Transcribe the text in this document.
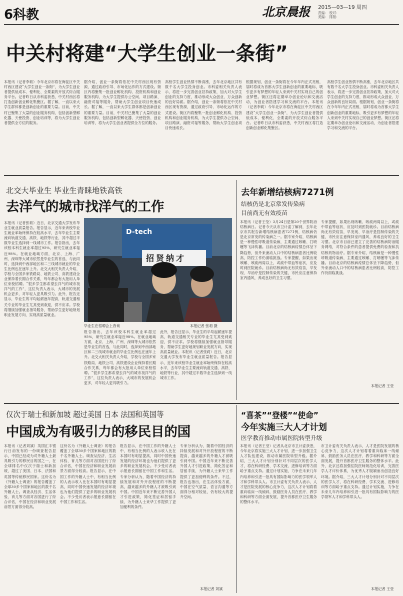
6科教	北京晨报 2015—03—19 周四
责编： 校对：
美编： 排版：
中关村将建“大学生创业一条街”
本报讯（记者李莉）今年北京市将在海淀区中关村西区建设“大学生创业一条街”，为大学生创业者提供低成本、便利化、全要素的开放式综合服务平台。记者昨日从市科委获悉，中关村西区将打造创新创业孵化集聚区。据了解，一直以来大学生群体都是创新创业的重要力量。目前，中关村已聚集了大量的创业服务机构，包括创新型孵化器、天使投资、创业培训等，将为大学生创业者提供全方位的服务。
据介绍，创业一条街将依托中关村西区现有资源，通过政府引导、市场化运作的方式建设。街区内将聚集一批创业孵化机构、投资机构和创业服务机构，为大学生提供办公空间、项目路演、融资对接等服务，帮助大学生创业项目快速成长。据了解，一直以来大学生群体都是创新创业的重要力量。目前，中关村已聚集了大量的创业服务机构，包括创新型孵化器、天使投资、创业培训等，将为大学生创业者提供全方位的服务。
高校学生创业热情不断高涨，去年北京地区共有数千名大学生投身创业。市科委相关负责人表示，将进一步完善创业扶持政策，加大对大学生创业的支持力度，推动形成大众创业、万众创新的良好局面。据介绍，创业一条街将依托中关村西区现有资源，通过政府引导、市场化运作的方式建设。街区内将聚集一批创业孵化机构、投资机构和创业服务机构，为大学生提供办公空间、项目路演、融资对接等服务，帮助大学生创业项目快速成长。
根据规划，创业一条街将在今年年内正式亮相，届时将成为首都大学生创新创业的重要地标，吸引更多有梦想的年轻人来到中关村实现自己的创业梦想。街区还将定期举办创业论坛和交流活动，为创业者搭建学习和交流的平台。本报讯（记者李莉）今年北京市将在海淀区中关村西区建设“大学生创业一条街”，为大学生创业者提供低成本、便利化、全要素的开放式综合服务平台。记者昨日从市科委获悉，中关村西区将打造创新创业孵化集聚区。
高校学生创业热情不断高涨，去年北京地区共有数千名大学生投身创业。市科委相关负责人表示，将进一步完善创业扶持政策，加大对大学生创业的支持力度，推动形成大众创业、万众创新的良好局面。根据规划，创业一条街将在今年年内正式亮相，届时将成为首都大学生创新创业的重要地标，吸引更多有梦想的年轻人来到中关村实现自己的创业梦想。街区还将定期举办创业论坛和交流活动，为创业者搭建学习和交流的平台。
北交大毕业生 毕业生青睐地铁高铁
去洋气的城市找洋气的工作
本报讯（记者张莉）近日，北京交通大学发布毕业生就业质量报告。报告显示，近年来该校毕业生就业率始终保持在较高水平，去年毕业生主要流向轨道交通、高铁、地铁等行业，其中超过半数毕业生选择到一线城市工作。报告指出，去年该校本科生就业率超过95%，研究生就业率接近98%。在就业地域方面，北京、上海、广州、深圳等大城市依然是毕业生的首选，与此同时，选择到中西部地区和二三线城市就业的毕业生比例也在逐年上升。北交大相关负责人介绍，学校与全国多家铁路局、地铁公司、高铁建设企业保持着长期合作关系，每年都会有大批用人单位来校招聘。“很多学生都希望去洋气的城市找洋气的工作”，这位负责人表示，大城市的发展机会更多，对年轻人更具吸引力。此外，报告还显示，毕业生的平均起薪逐年提高，轨道交通相关专业的毕业生尤其受到欢迎，供不应求。学校将继续加强就业指导服务，帮助学生更好地规划职业发展方向，实现高质量就业。
D-tech
招贤纳才
本报记者 张莉 摄
毕业生在招聘会上咨询
报告指出，去年该校本科生就业率超过95%，研究生就业率接近98%。在就业地域方面，北京、上海、广州、深圳等大城市依然是毕业生的首选，与此同时，选择到中西部地区和二三线城市就业的毕业生比例也在逐年上升。北交大相关负责人介绍，学校与全国多家铁路局、地铁公司、高铁建设企业保持着长期合作关系，每年都会有大批用人单位来校招聘。“很多学生都希望去洋气的城市找洋气的工作”，这位负责人表示，大城市的发展机会更多，对年轻人更具吸引力。
此外，报告还显示，毕业生的平均起薪逐年提高，轨道交通相关专业的毕业生尤其受到欢迎，供不应求。学校将继续加强就业指导服务，帮助学生更好地规划职业发展方向，实现高质量就业。本报讯（记者张莉）近日，北京交通大学发布毕业生就业质量报告。报告显示，近年来该校毕业生就业率始终保持在较高水平，去年毕业生主要流向轨道交通、高铁、地铁等行业，其中超过半数毕业生选择到一线城市工作。
去年新增结核病7271例
结核仍是北京常发传染病
目前尚无有效疫苗
本报讯（记者王莹）3月24日是第20个世界防治结核病日。记者今天从市卫计委了解到，去年北京市共报告新增结核病患者7271例，结核病仍是北京常发的传染病之一。据专家介绍，结核病是一种慢性呼吸道传染病，主要通过咳嗽、打喷嚏等飞沫传播。目前北京的结核病疫情总体呈下降趋势，但外来流动人口中的结核病患者比例较高，防控工作仍面临挑战。专家提醒，如果出现咳嗽、咳痰两周以上，或痰中带血等症状，应及时到医院就诊。目前结核病尚无有效疫苗，早发现、早治疗是控制传染的关键，市民应注意保持室内通风，养成良好的卫生习惯。
专家提醒，如果出现咳嗽、咳痰两周以上，或痰中带血等症状，应及时到医院就诊。目前结核病尚无有效疫苗，早发现、早治疗是控制传染的关键，市民应注意保持室内通风，养成良好的卫生习惯。北京市目前已建立了完善的结核病防治服务网络，对符合条件的患者提供免费的检查和抗结核药物治疗。据专家介绍，结核病是一种慢性呼吸道传染病，主要通过咳嗽、打喷嚏等飞沫传播。目前北京的结核病疫情总体呈下降趋势，但外来流动人口中的结核病患者比例较高，防控工作仍面临挑战。
本报记者 王莹
“喜茶”“登楼”“使命”
今年实施三大人才计划
医学教育推动市属医院转型升级
本报讯（记者王莹）记者从北京市卫计委获悉，今年北京将实施三大人才计划，进一步加强卫生人才队伍建设，推动市属医院转型升级。据介绍，三大人才计划分别针对不同层次的医学人才，将在科研经费、学术交流、进修培训等方面给予重点支持。通过计划实施，力争在未来几年内培养和引进一批具有国际影响力的医学领军人才和学科带头人。市卫计委有关负责人表示，人才是医院发展的核心竞争力，这次人才计划将着重向临床一线倾斜，鼓励医务人员在医疗、教学和科研等方面全面发展，提升首都医疗卫生服务的整体水平。
市卫计委有关负责人表示，人才是医院发展的核心竞争力，这次人才计划将着重向临床一线倾斜，鼓励医务人员在医疗、教学和科研等方面全面发展，提升首都医疗卫生服务的整体水平。此外，北京还将加强住院医师规范化培训，完善医学人才评价体系，为优秀人才脱颖而出创造良好环境。据介绍，三大人才计划分别针对不同层次的医学人才，将在科研经费、学术交流、进修培训等方面给予重点支持。通过计划实施，力争在未来几年内培养和引进一批具有国际影响力的医学领军人才和学科带头人。
本报记者 王莹
仅次于瑞士和新加坡 超过美国 日本 法国和英国等
中国成为有吸引力的移民目的国
本报讯（记者刘斌）英国汇丰银行日前发布的一份调查报告显示，中国已经成为对外籍人士最具吸引力的移民目的国之一，在全球排名中仅次于瑞士和新加坡，超过了美国、日本、法国和英国等传统移民国家。这份名为《外籍人士调查》的报告覆盖了全球30多个国家和地区的数千名外籍人士。调查从经济、生活体验、育儿等方面对各国进行了综合评估，中国在经济和职业发展前景方面得分较高。
这份名为《外籍人士调查》的报告覆盖了全球30多个国家和地区的数千名外籍人士。调查从经济、生活体验、育儿等方面对各国进行了综合评估，中国在经济和职业发展前景方面得分较高。报告显示，在中国工作的外籍人士中，有相当比例的人表示收入比在本国时有明显提高，同时中国快速发展的经济环境也为他们提供了更多的职业发展机会。不少受访者表示愿意长期留在中国工作和生活。
报告显示，在中国工作的外籍人士中，有相当比例的人表示收入比在本国时有明显提高，同时中国快速发展的经济环境也为他们提供了更多的职业发展机会。不少受访者表示愿意长期留在中国工作和生活。专家分析认为，随着中国经济的持续发展和对外开放程度的不断提高，越来越多的外籍人才被吸引到中国。中国近年来不断完善外国人才引进政策，简化签证和居留手续，为外籍人士来华工作提供了更加便利的条件。
专家分析认为，随着中国经济的持续发展和对外开放程度的不断提高，越来越多的外籍人才被吸引到中国。中国近年来不断完善外国人才引进政策，简化签证和居留手续，为外籍人士来华工作提供了更加便利的条件。不过，报告也指出，在生活体验方面，中国在空气质量、语言沟通等方面得分相对较低，仍有较大的提升空间。
本报记者 刘斌
